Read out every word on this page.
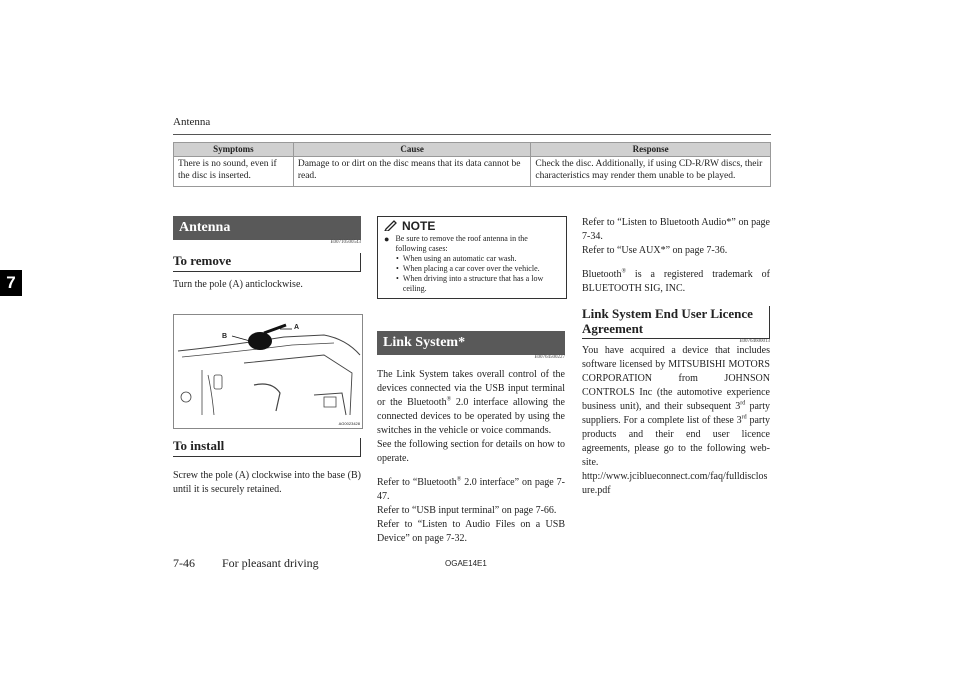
Antenna
7
Symptoms	Cause	Response
There is no sound, even if the disc is inserted.	Damage to or dirt on the disc means that its data cannot be read.	Check the disc. Additionally, if using CD-R/RW discs, their characteristics may render them unable to be played.
Antenna
E00710500543
To remove
Turn the pole (A) anticlockwise.
B
A
AG0023428
To install
Screw the pole (A) clockwise into the base (B) until it is securely retained.
NOTE
● Be sure to remove the roof antenna in the following cases:
• When using an automatic car wash.
• When placing a car cover over the vehicle.
• When driving into a structure that has a low ceiling.
Link System*
E00764500227
The Link System takes overall control of the devices connected via the USB input terminal or the Bluetooth® 2.0 interface allowing the connected devices to be operated by using the switches in the vehicle or voice commands.
See the following section for details on how to operate.
Refer to “Bluetooth® 2.0 interface” on page 7-47.
Refer to “USB input terminal” on page 7-66.
Refer to “Listen to Audio Files on a USB Device” on page 7-32.
Refer to “Listen to Bluetooth Audio*” on page 7-34.
Refer to “Use AUX*” on page 7-36.
Bluetooth® is a registered trademark of BLUETOOTH SIG, INC.
Link System End User Licence Agreement
E00764600013
You have acquired a device that includes software licensed by MITSUBISHI MOTORS CORPORATION from JOHNSON CONTROLS Inc (the automotive experience business unit), and their subsequent 3rd party suppliers. For a complete list of these 3rd party products and their end user licence agreements, please go to the following web-site.
http://www.jciblueconnect.com/faq/fulldisclosure.pdf
7-46 For pleasant driving	OGAE14E1
